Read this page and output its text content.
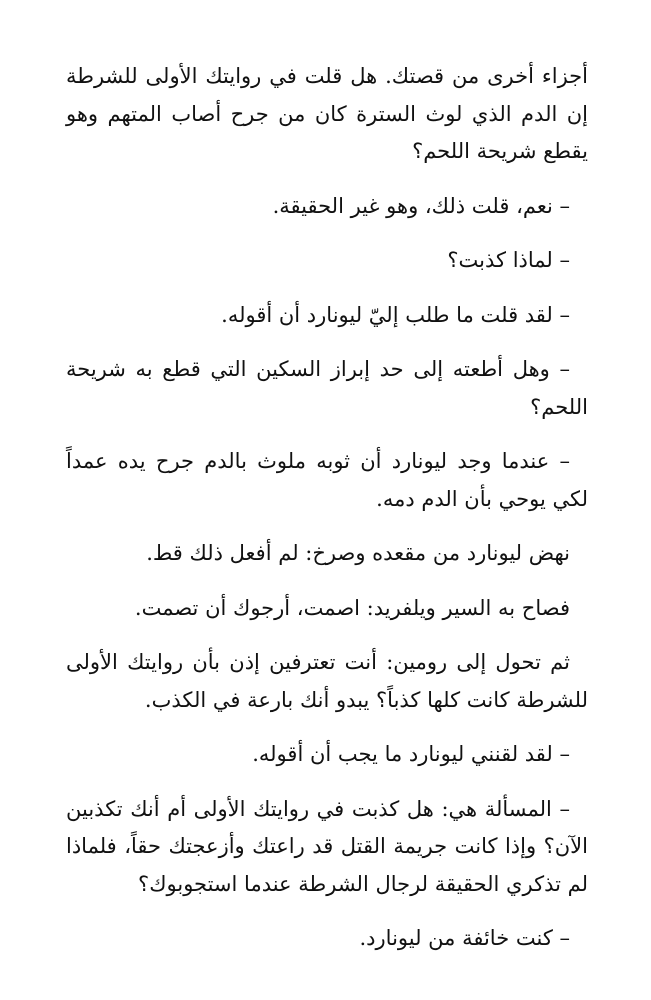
أجزاء أخرى من قصتك. هل قلت في روايتك الأولى للشرطة إن الدم الذي لوث السترة كان من جرح أصاب المتهم وهو يقطع شريحة اللحم؟

– نعم، قلت ذلك، وهو غير الحقيقة.

– لماذا كذبت؟

– لقد قلت ما طلب إليّ ليونارد أن أقوله.

– وهل أطعته إلى حد إبراز السكين التي قطع به شريحة اللحم؟

– عندما وجد ليونارد أن ثوبه ملوث بالدم جرح يده عمداً لكي يوحي بأن الدم دمه.

نهض ليونارد من مقعده وصرخ: لم أفعل ذلك قط.

فصاح به السير ويلفريد: اصمت، أرجوك أن تصمت.

ثم تحول إلى رومين: أنت تعترفين إذن بأن روايتك الأولى للشرطة كانت كلها كذباً؟ يبدو أنك بارعة في الكذب.

– لقد لقنني ليونارد ما يجب أن أقوله.

– المسألة هي: هل كذبت في روايتك الأولى أم أنك تكذبين الآن؟ وإذا كانت جريمة القتل قد راعتك وأزعجتك حقاً، فلماذا لم تذكري الحقيقة لرجال الشرطة عندما استجوبوك؟

– كنت خائفة من ليونارد.
